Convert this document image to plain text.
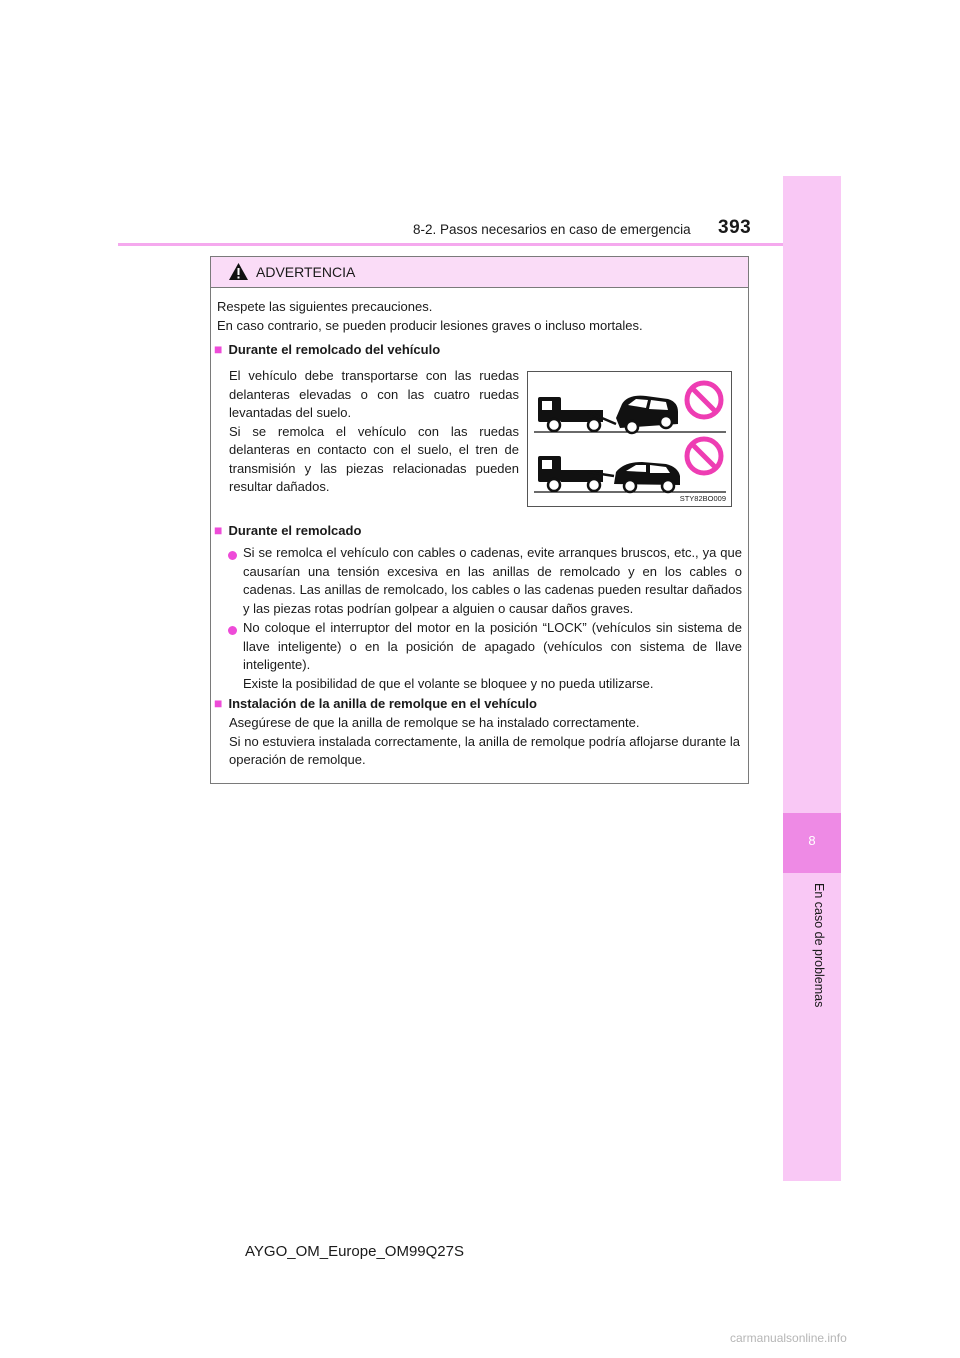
8-2. Pasos necesarios en caso de emergencia 393
8
En caso de problemas
ADVERTENCIA
Respete las siguientes precauciones.
En caso contrario, se pueden producir lesiones graves o incluso mortales.
■ Durante el remolcado del vehículo
El vehículo debe transportarse con las ruedas delanteras elevadas o con las cuatro ruedas levantadas del suelo.
Si se remolca el vehículo con las ruedas delanteras en contacto con el suelo, el tren de transmisión y las piezas relacionadas pueden resultar dañados.
STY82BO009
■ Durante el remolcado
Si se remolca el vehículo con cables o cadenas, evite arranques bruscos, etc., ya que causarían una tensión excesiva en las anillas de remolcado y en los cables o cadenas. Las anillas de remolcado, los cables o las cadenas pueden resultar dañados y las piezas rotas podrían golpear a alguien o causar daños graves.
No coloque el interruptor del motor en la posición “LOCK” (vehículos sin sistema de llave inteligente) o en la posición de apagado (vehículos con sistema de llave inteligente).
Existe la posibilidad de que el volante se bloquee y no pueda utilizarse.
■ Instalación de la anilla de remolque en el vehículo
Asegúrese de que la anilla de remolque se ha instalado correctamente.
Si no estuviera instalada correctamente, la anilla de remolque podría aflojarse durante la operación de remolque.
AYGO_OM_Europe_OM99Q27S
carmanualsonline.info
